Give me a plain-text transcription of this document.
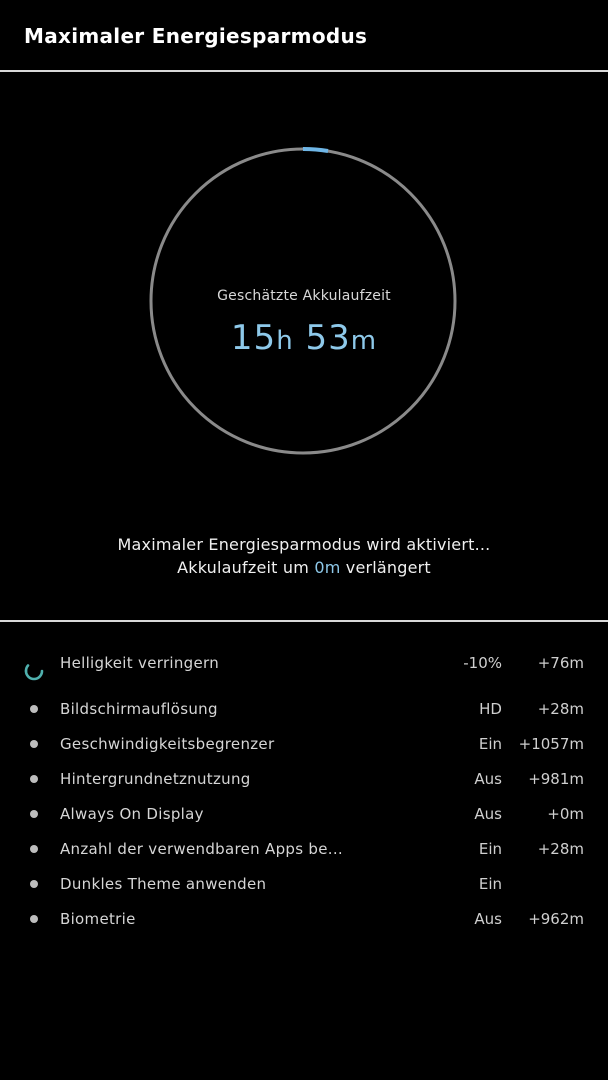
Maximaler Energiesparmodus
Geschätzte Akkulaufzeit
15h 53m
Maximaler Energiesparmodus wird aktiviert...
Akkulaufzeit um 0m verlängert
Helligkeit verringern	-10% +76m
Bildschirmauflösung	HD +28m
Geschwindigkeitsbegrenzer	Ein +1057m
Hintergrundnetznutzung	Aus +981m
Always On Display	Aus	+0m
Anzahl der verwendbaren Apps be...	Ein +28m
Dunkles Theme anwenden	Ein
Biometrie	Aus +962m
